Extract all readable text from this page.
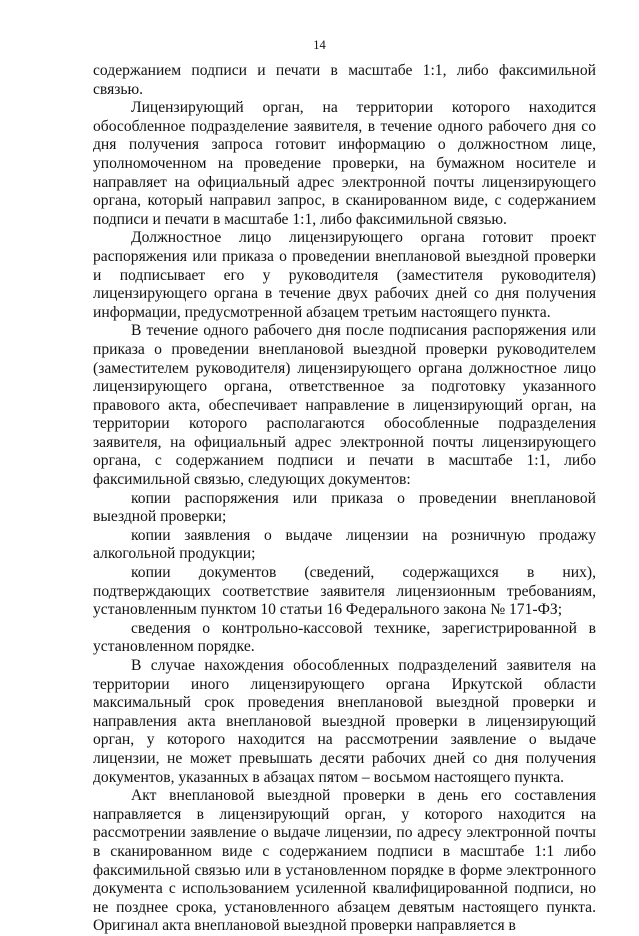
14

содержанием подписи и печати в масштабе 1:1, либо факсимильной связью.

Лицензирующий орган, на территории которого находится обособленное подразделение заявителя, в течение одного рабочего дня со дня получения запроса готовит информацию о должностном лице, уполномоченном на проведение проверки, на бумажном носителе и направляет на официальный адрес электронной почты лицензирующего органа, который направил запрос, в сканированном виде, с содержанием подписи и печати в масштабе 1:1, либо факсимильной связью.

Должностное лицо лицензирующего органа готовит проект распоряжения или приказа о проведении внеплановой выездной проверки и подписывает его у руководителя (заместителя руководителя) лицензирующего органа в течение двух рабочих дней со дня получения информации, предусмотренной абзацем третьим настоящего пункта.

В течение одного рабочего дня после подписания распоряжения или приказа о проведении внеплановой выездной проверки руководителем (заместителем руководителя) лицензирующего органа должностное лицо лицензирующего органа, ответственное за подготовку указанного правового акта, обеспечивает направление в лицензирующий орган, на территории которого располагаются обособленные подразделения заявителя, на официальный адрес электронной почты лицензирующего органа, с содержанием подписи и печати в масштабе 1:1, либо факсимильной связью, следующих документов:

копии распоряжения или приказа о проведении внеплановой выездной проверки;

копии заявления о выдаче лицензии на розничную продажу алкогольной продукции;

копии документов (сведений, содержащихся в них), подтверждающих соответствие заявителя лицензионным требованиям, установленным пунктом 10 статьи 16 Федерального закона № 171-ФЗ;

сведения о контрольно-кассовой технике, зарегистрированной в установленном порядке.

В случае нахождения обособленных подразделений заявителя на территории иного лицензирующего органа Иркутской области максимальный срок проведения внеплановой выездной проверки и направления акта внеплановой выездной проверки в лицензирующий орган, у которого находится на рассмотрении заявление о выдаче лицензии, не может превышать десяти рабочих дней со дня получения документов, указанных в абзацах пятом – восьмом настоящего пункта.

Акт внеплановой выездной проверки в день его составления направляется в лицензирующий орган, у которого находится на рассмотрении заявление о выдаче лицензии, по адресу электронной почты в сканированном виде с содержанием подписи в масштабе 1:1 либо факсимильной связью или в установленном порядке в форме электронного документа с использованием усиленной квалифицированной подписи, но не позднее срока, установленного абзацем девятым настоящего пункта. Оригинал акта внеплановой выездной проверки направляется в
